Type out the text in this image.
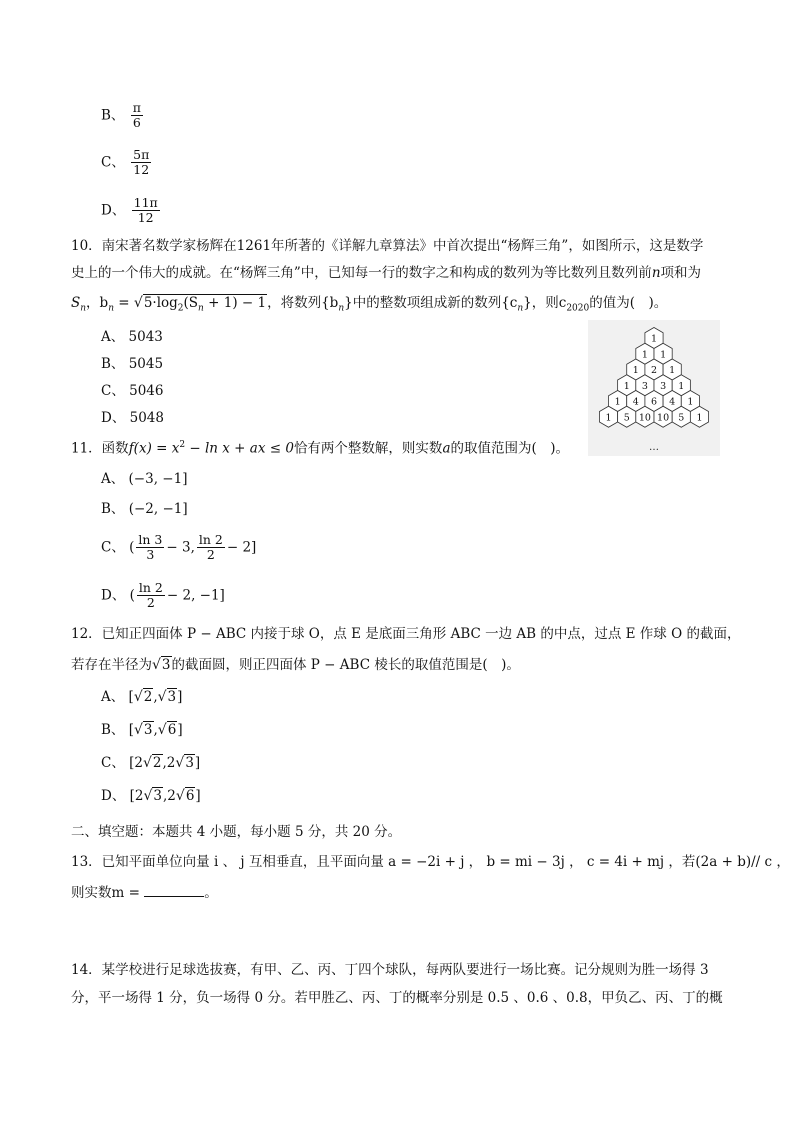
B、 $\frac{\pi}{6}$
C、 $\frac{5\pi}{12}$
D、 $\frac{11\pi}{12}$
10．南宋著名数学家杨辉在1261年所著的《详解九章算法》中首次提出“杨辉三角”，如图所示，这是数学
史上的一个伟大的成就。在“杨辉三角”中，已知每一行的数字之和构成的数列为等比数列且数列前n项和为
$S_n$，$b_n = √5\cdot\log_2(S_n + 1) - 1$，将数列$\{b_n\}$中的整数项组成新的数列$\{c_n\}$，则$c_{2020}$的值为(　)。
A、 5043
B、 5045
C、 5046
D、 5048
1
1 1
1 2 1
1 3 3 1
1 4 6 4 1
1 5 10 10 5 1
…
11．函数$f(x) = x^2 - \ln x$ + ax ≤ 0恰有两个整数解，则实数a的取值范围为(　)。
A、 (−3, −1]
B、 (−2, −1]
C、 ( $\frac{\ln 3}{3} - 3$, $\frac{\ln 2}{2} - 2$]
D、 ( $\frac{\ln 2}{2} - 2$, −1]
12．已知正四面体 P − ABC 内接于球 O，点 E 是底面三角形 ABC 一边 AB 的中点，过点 E 作球 O 的截面，
若存在半径为√3的截面圆，则正四面体 P − ABC 棱长的取值范围是(　)。
A、 [√2,√3]
B、 [√3,√6]
C、 [2√2,2√3]
D、 [2√3,2√6]
二、填空题：本题共 4 小题，每小题 5 分，共 20 分。
13．已知平面单位向量 i 、 j 互相垂直，且平面向量 a = −2i + j ， b = mi − 3j ， c = 4i + mj ，若(2a + b)// c ，
则实数m =	。
14．某学校进行足球选拔赛，有甲、乙、丙、丁四个球队，每两队要进行一场比赛。记分规则为胜一场得 3
分，平一场得 1 分，负一场得 0 分。若甲胜乙、丙、丁的概率分别是 0.5 、0.6 、0.8，甲负乙、丙、丁的概
